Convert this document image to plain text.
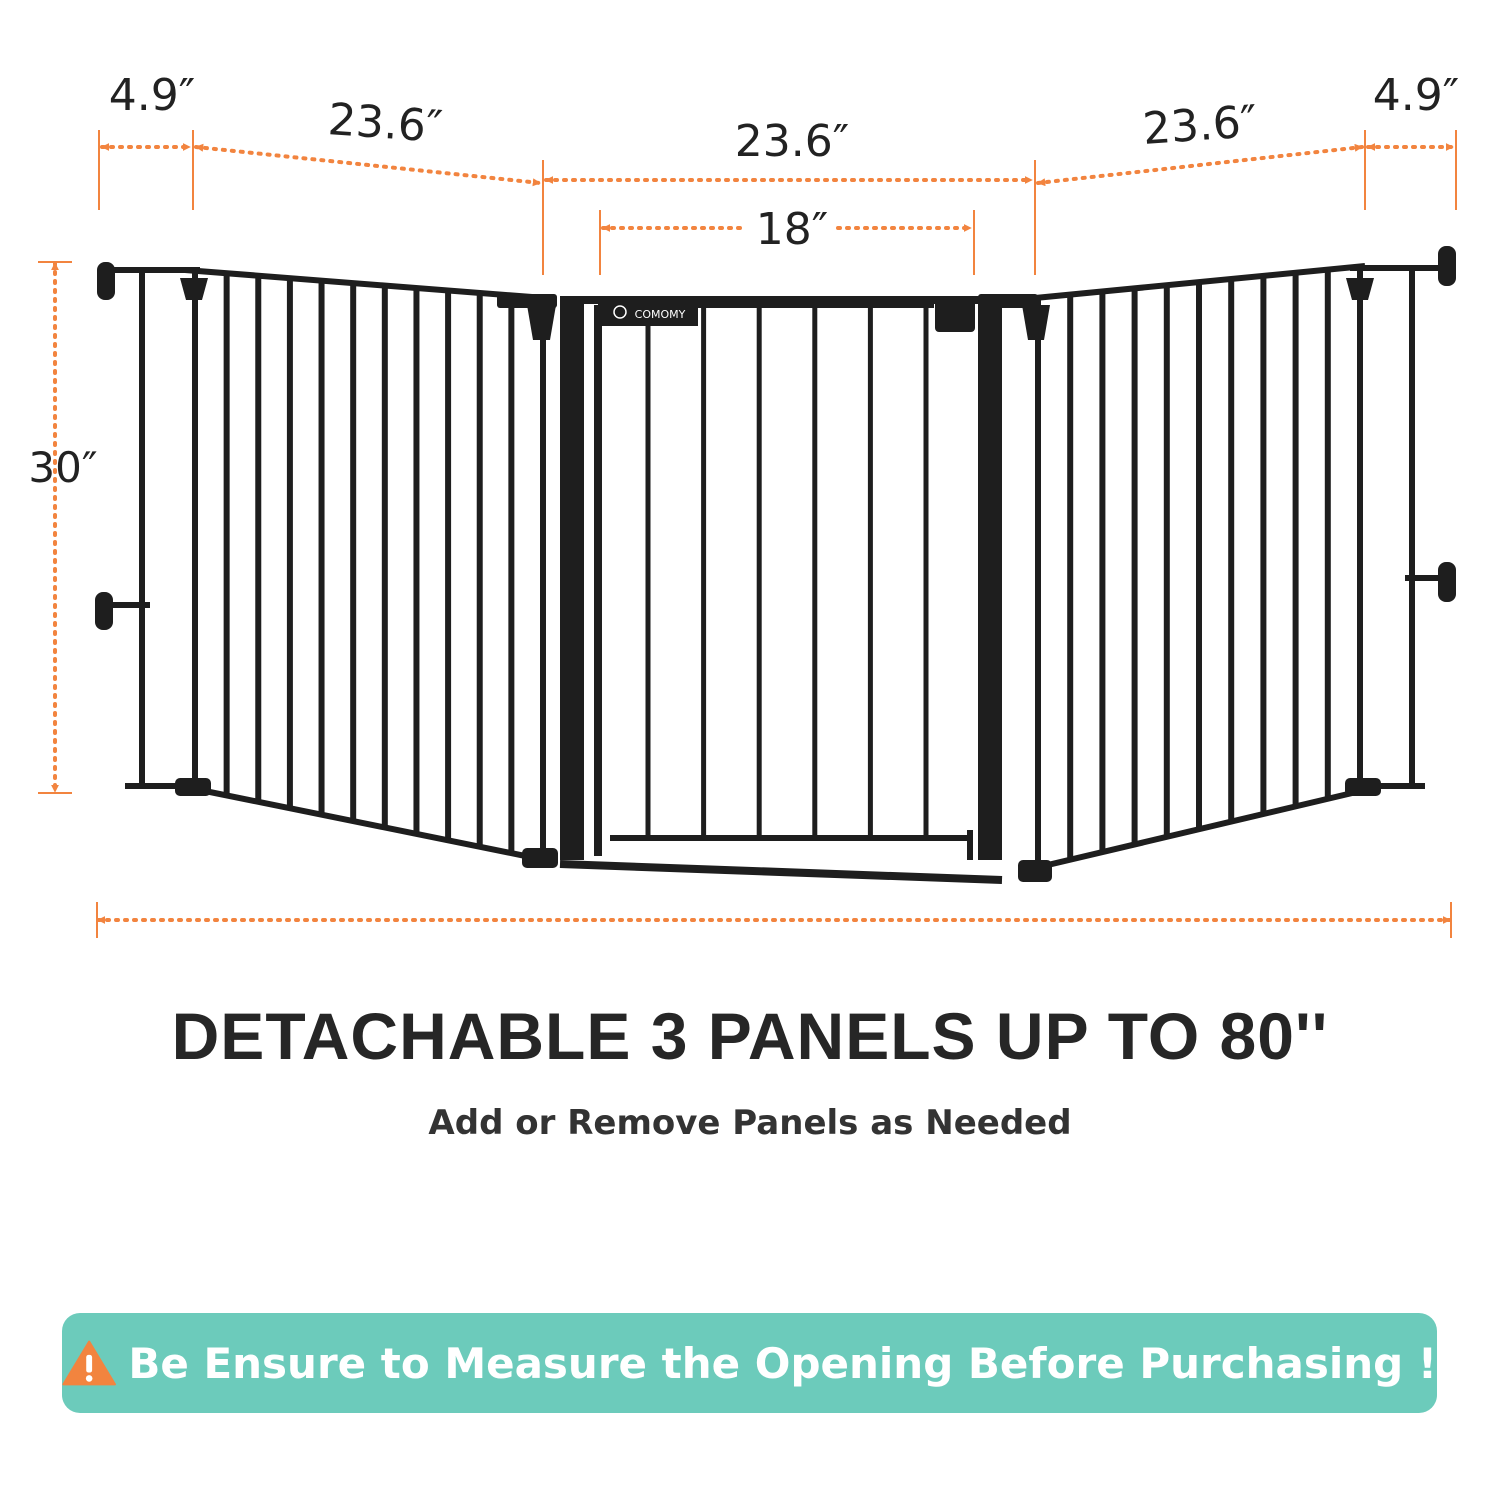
4.9″	23.6″	23.6″
18″
23.6″
4.9″
30″
COMOMY
DETACHABLE 3 PANELS UP TO 80''
Add or Remove Panels as Needed
Be Ensure to Measure the Opening Before Purchasing !
